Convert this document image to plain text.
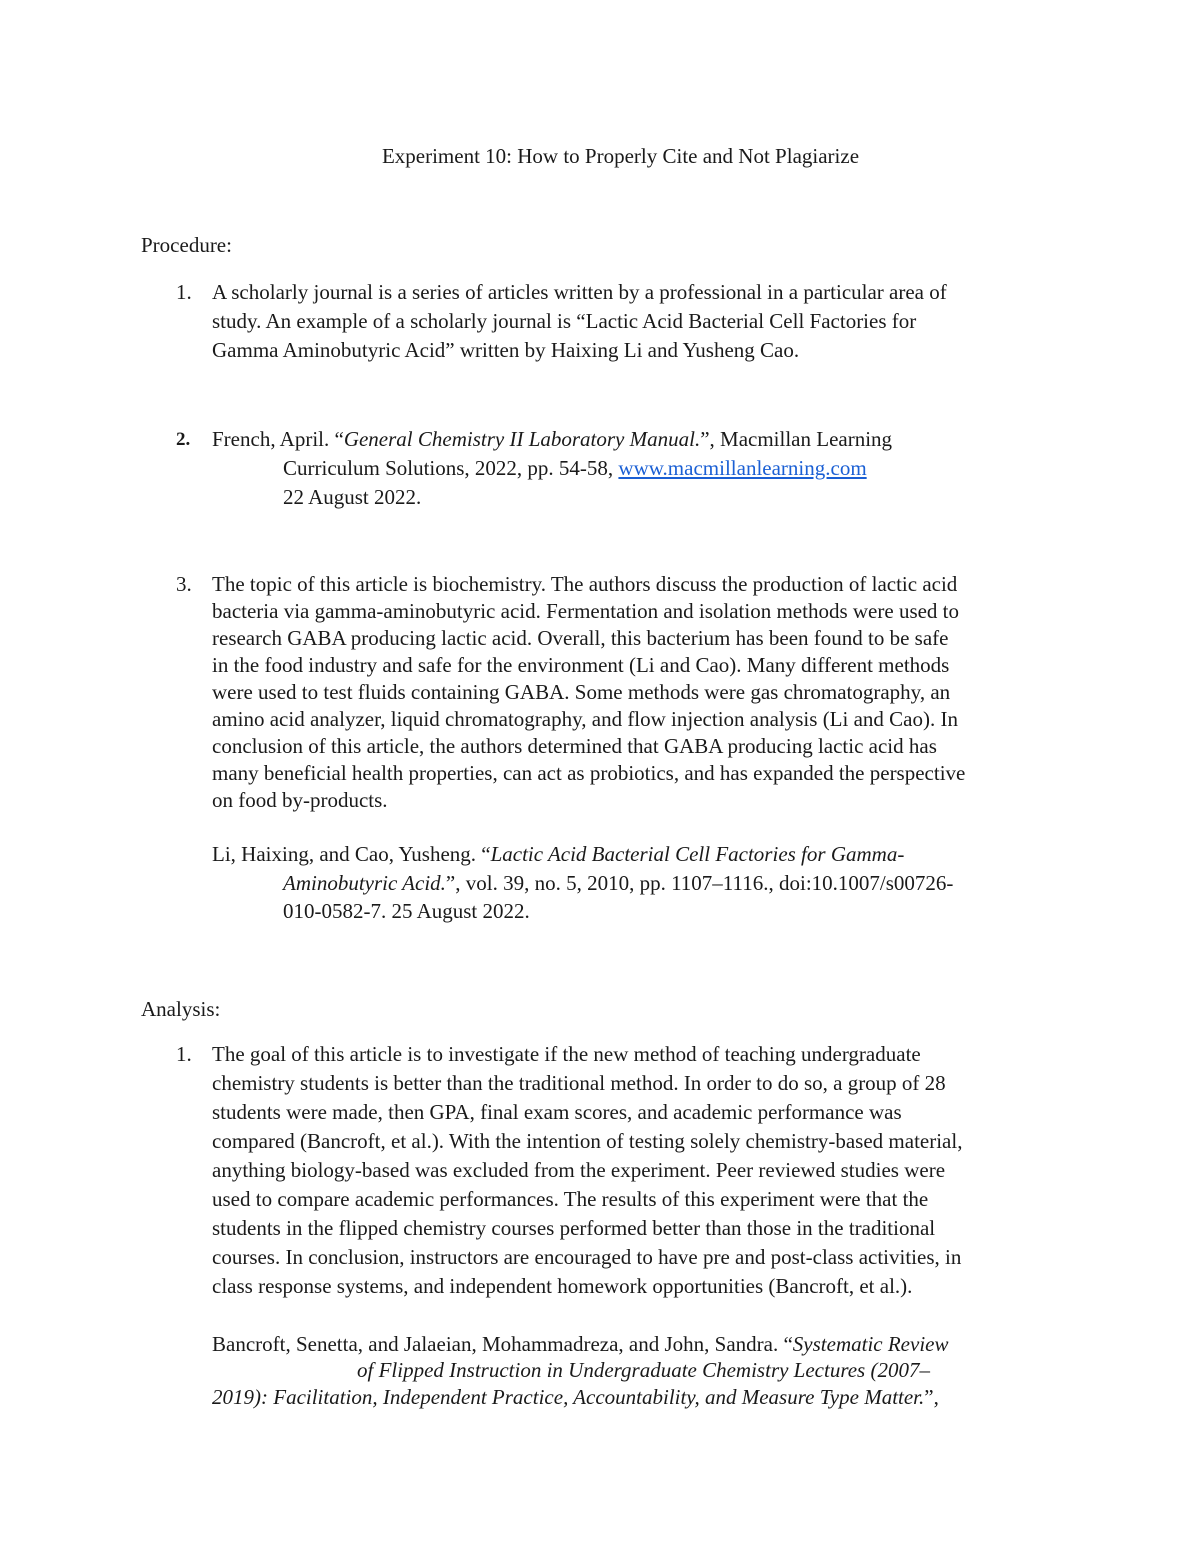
Experiment 10: How to Properly Cite and Not Plagiarize
Procedure:
1. A scholarly journal is a series of articles written by a professional in a particular area of
study. An example of a scholarly journal is “Lactic Acid Bacterial Cell Factories for
Gamma Aminobutyric Acid” written by Haixing Li and Yusheng Cao.
2. French, April. “General Chemistry II Laboratory Manual.”, Macmillan Learning
Curriculum Solutions, 2022, pp. 54-58, www.macmillanlearning.com
22 August 2022.
3. The topic of this article is biochemistry. The authors discuss the production of lactic acid
bacteria via gamma-aminobutyric acid. Fermentation and isolation methods were used to
research GABA producing lactic acid. Overall, this bacterium has been found to be safe
in the food industry and safe for the environment (Li and Cao). Many different methods
were used to test fluids containing GABA. Some methods were gas chromatography, an
amino acid analyzer, liquid chromatography, and flow injection analysis (Li and Cao). In
conclusion of this article, the authors determined that GABA producing lactic acid has
many beneficial health properties, can act as probiotics, and has expanded the perspective
on food by-products.
Li, Haixing, and Cao, Yusheng. “Lactic Acid Bacterial Cell Factories for Gamma-
Aminobutyric Acid.”, vol. 39, no. 5, 2010, pp. 1107–1116., doi:10.1007/s00726-
010-0582-7. 25 August 2022.
Analysis:
1. The goal of this article is to investigate if the new method of teaching undergraduate
chemistry students is better than the traditional method. In order to do so, a group of 28
students were made, then GPA, final exam scores, and academic performance was
compared (Bancroft, et al.). With the intention of testing solely chemistry-based material,
anything biology-based was excluded from the experiment. Peer reviewed studies were
used to compare academic performances. The results of this experiment were that the
students in the flipped chemistry courses performed better than those in the traditional
courses. In conclusion, instructors are encouraged to have pre and post-class activities, in
class response systems, and independent homework opportunities (Bancroft, et al.).
Bancroft, Senetta, and Jalaeian, Mohammadreza, and John, Sandra. “Systematic Review
of Flipped Instruction in Undergraduate Chemistry Lectures (2007–
2019): Facilitation, Independent Practice, Accountability, and Measure Type Matter.”,
